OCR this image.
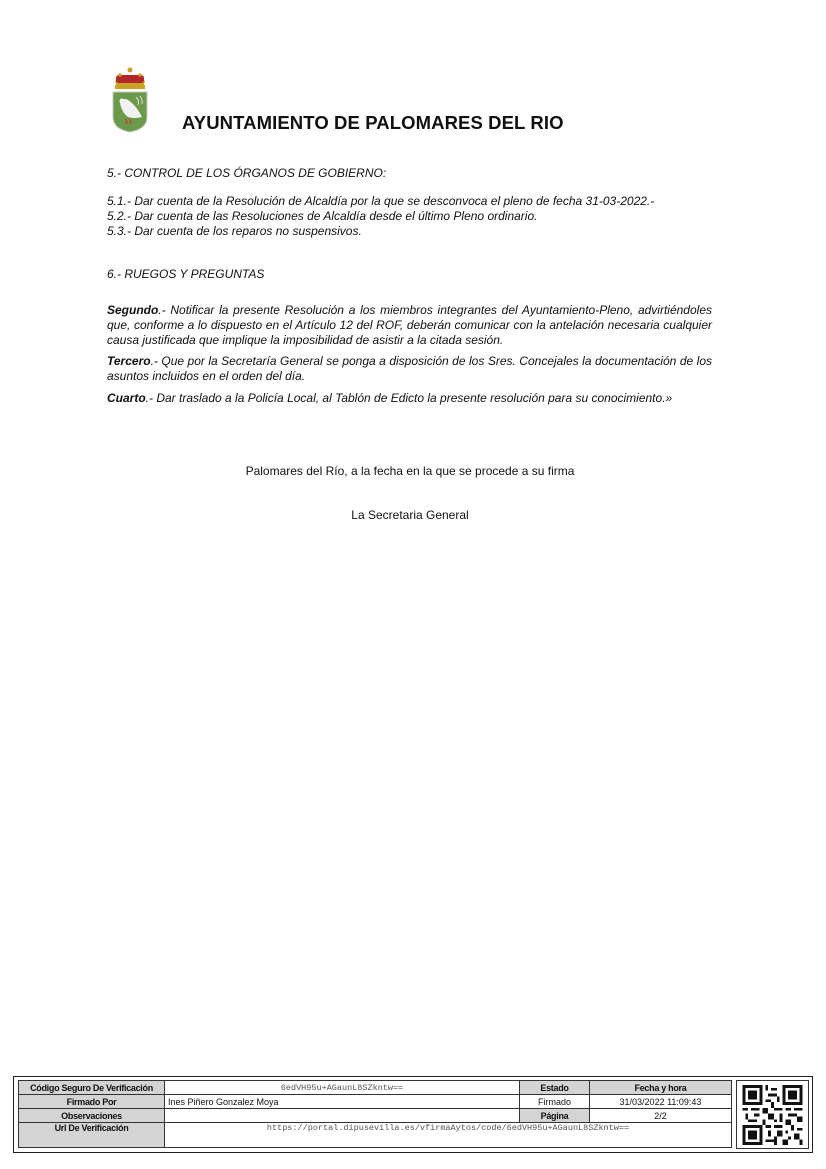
AYUNTAMIENTO DE PALOMARES DEL RIO
5.- CONTROL DE LOS ÓRGANOS DE GOBIERNO:
5.1.- Dar cuenta de la Resolución de Alcaldía por la que se desconvoca el pleno de fecha 31-03-2022.-
5.2.- Dar cuenta de las Resoluciones de Alcaldía desde el último Pleno ordinario.
5.3.- Dar cuenta de los reparos no suspensivos.
6.- RUEGOS Y PREGUNTAS
Segundo.- Notificar la presente Resolución a los miembros integrantes del Ayuntamiento-Pleno, advirtiéndoles que, conforme a lo dispuesto en el Artículo 12 del ROF, deberán comunicar con la antelación necesaria cualquier causa justificada que implique la imposibilidad de asistir a la citada sesión.
Tercero.- Que por la Secretaría General se ponga a disposición de los Sres. Concejales la documentación de los asuntos incluidos en el orden del día.
Cuarto.- Dar traslado a la Policía Local, al Tablón de Edicto la presente resolución para su conocimiento.»
Palomares del Río, a la fecha en la que se procede a su firma
La Secretaria General
Código Seguro De Verificación	6edVH95u+AGaunL8SZkntw==	Estado	Fecha y hora
Firmado Por	Ines Piñero Gonzalez Moya	Firmado	31/03/2022 11:09:43
Observaciones		Página	2/2
Url De Verificación	https://portal.dipusevilla.es/vfirmaAytos/code/6edVH95u+AGaunL8SZkntw==		
